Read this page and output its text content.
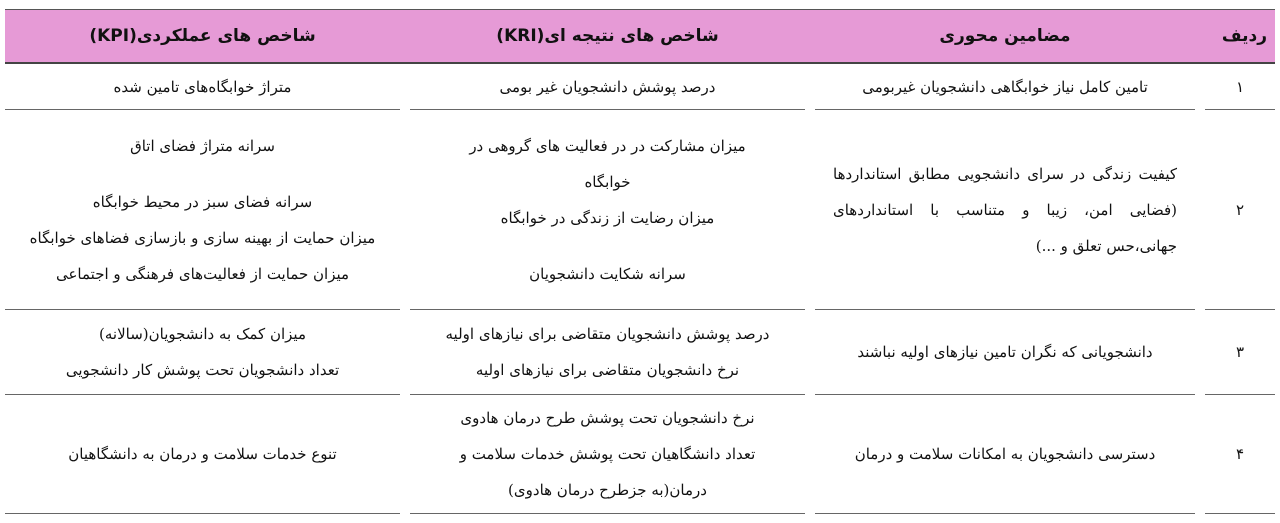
ردیف		مضامین محوری		شاخص های نتیجه ای(KRI)		شاخص های عملکردی(KPI)
۱		تامین کامل نیاز خوابگاهی دانشجویان غیربومی		درصد پوشش دانشجویان غیر بومی		متراژ خوابگاه‌های تامین شده

۲		کیفیت زندگی در سرای دانشجویی مطابق استانداردها (فضایی امن، زیبا و متناسب با استانداردهای جهانی،حس تعلق و ...)		میزان مشارکت در در فعالیت های گروهی در
خوابگاه
میزان رضایت از زندگی در خوابگاه
سرانه شکایت دانشجویان		سرانه متراژ فضای اتاق
سرانه فضای سبز در محیط خوابگاه
میزان حمایت از بهینه سازی و بازسازی فضاهای خوابگاه
میزان حمایت از فعالیت‌های فرهنگی و اجتماعی

۳		دانشجویانی که نگران تامین نیازهای اولیه نباشند		درصد پوشش دانشجویان متقاضی برای نیازهای اولیه
نرخ دانشجویان متقاضی برای نیازهای اولیه		میزان کمک به دانشجویان(سالانه)
تعداد دانشجویان تحت پوشش کار دانشجویی

۴		دسترسی دانشجویان به امکانات سلامت و درمان		نرخ دانشجویان تحت پوشش طرح درمان هادوی
تعداد دانشگاهیان تحت پوشش خدمات سلامت و
درمان(به جزطرح درمان هادوی)		تنوع خدمات سلامت و درمان به دانشگاهیان
